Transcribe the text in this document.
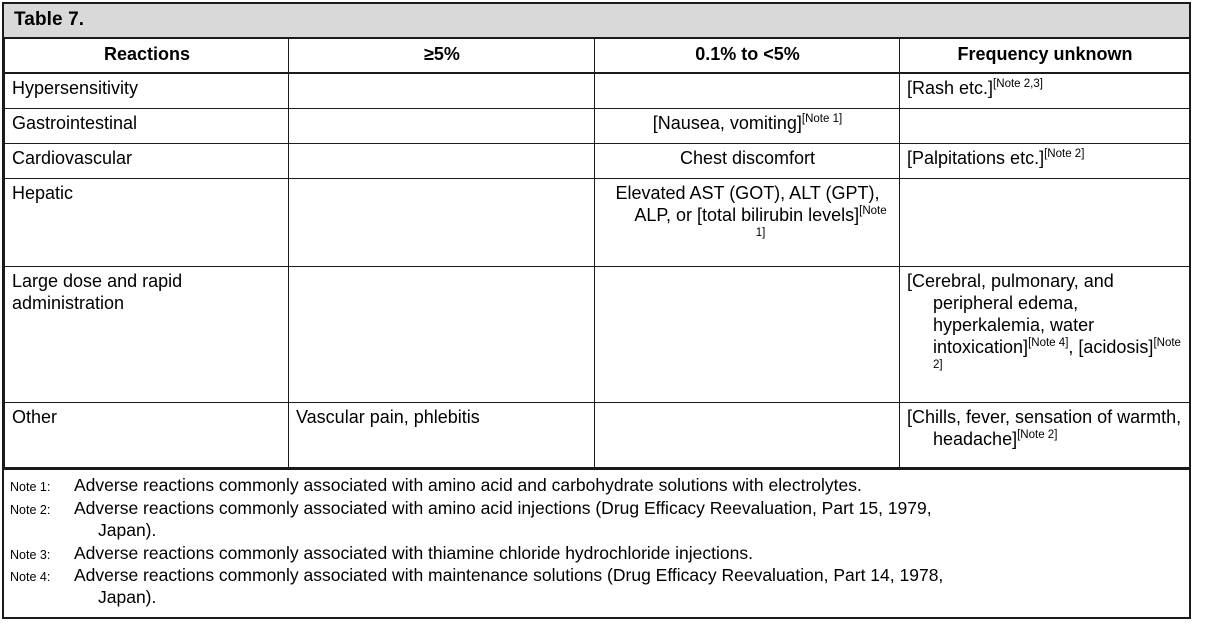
Table 7.
Reactions	≥5%	0.1% to <5%	Frequency unknown
Hypersensitivity			[Rash etc.][Note 2,3]

Gastrointestinal		[Nausea, vomiting][Note 1]

Cardiovascular		Chest discomfort	[Palpitations etc.][Note 2]

Hepatic		Elevated AST (GOT), ALT (GPT), ALP, or [total bilirubin levels][Note 1]

Large dose and rapid administration			[Cerebral, pulmonary, and peripheral edema, hyperkalemia, water intoxication][Note 4], [acidosis][Note 2]

Other	Vascular pain, phlebitis		[Chills, fever, sensation of warmth, headache][Note 2]
Note 1:	Adverse reactions commonly associated with amino acid and carbohydrate solutions with electrolytes.
Note 2:	Adverse reactions commonly associated with amino acid injections (Drug Efficacy Reevaluation, Part 15, 1979,
Japan).
Note 3:	Adverse reactions commonly associated with thiamine chloride hydrochloride injections.
Note 4:	Adverse reactions commonly associated with maintenance solutions (Drug Efficacy Reevaluation, Part 14, 1978,
Japan).
